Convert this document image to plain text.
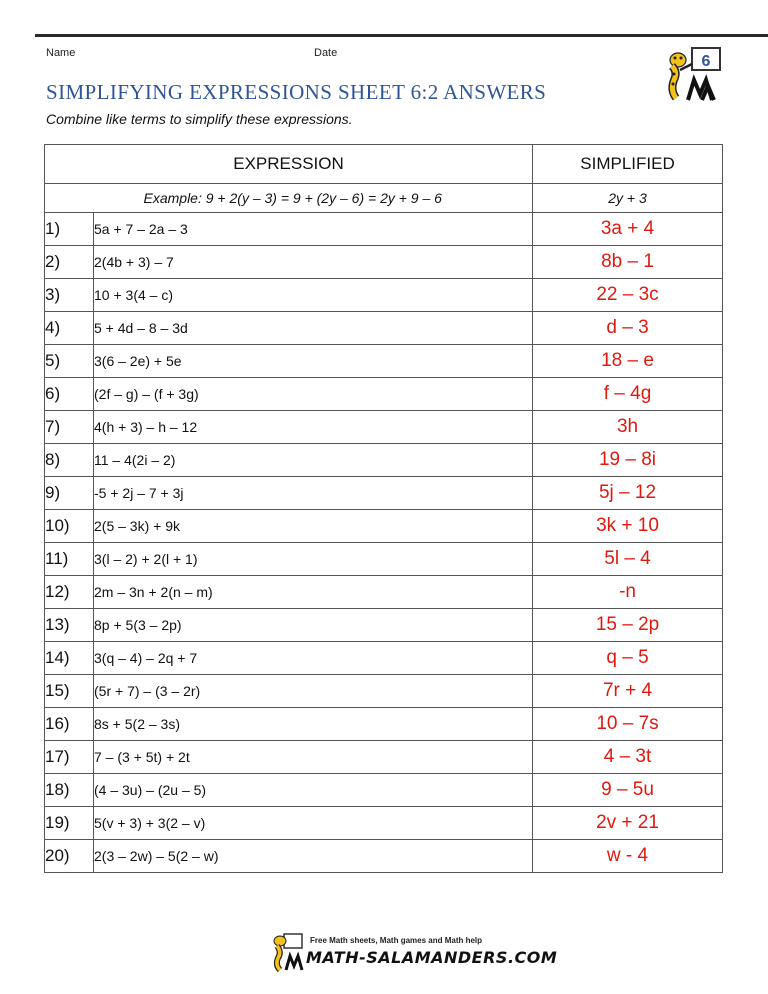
Name	Date	6
SIMPLIFYING EXPRESSIONS SHEET 6:2 ANSWERS
Combine like terms to simplify these expressions.
EXPRESSION		SIMPLIFIED
	Example: 9 + 2(y – 3) = 9 + (2y – 6) = 2y + 9 – 6	2y + 3
1)	5a + 7 – 2a – 3	3a + 4
2)	2(4b + 3) – 7	8b – 1
3)	10 + 3(4 – c)	22 – 3c
4)	5 + 4d – 8 – 3d	d – 3
5)	3(6 – 2e) + 5e	18 – e
6)	(2f – g) – (f + 3g)	f – 4g
7)	4(h + 3) – h – 12	3h
8)	11 – 4(2i – 2)	19 – 8i
9)	-5 + 2j – 7 + 3j	5j – 12
10)	2(5 – 3k) + 9k	3k + 10
11)	3(l – 2) + 2(l + 1)	5l – 4
12)	2m – 3n + 2(n – m)	-n
13)	8p + 5(3 – 2p)	15 – 2p
14)	3(q – 4) – 2q + 7	q – 5
15)	(5r + 7) – (3 – 2r)	7r + 4
16)	8s + 5(2 – 3s)	10 – 7s
17)	7 – (3 + 5t) + 2t	4 – 3t
18)	(4 – 3u) – (2u – 5)	9 – 5u
19)	5(v + 3) + 3(2 – v)	2v + 21
20)	2(3 – 2w) – 5(2 – w)	w - 4
Free Math sheets, Math games and Math help
MATH-SALAMANDERS.COM
